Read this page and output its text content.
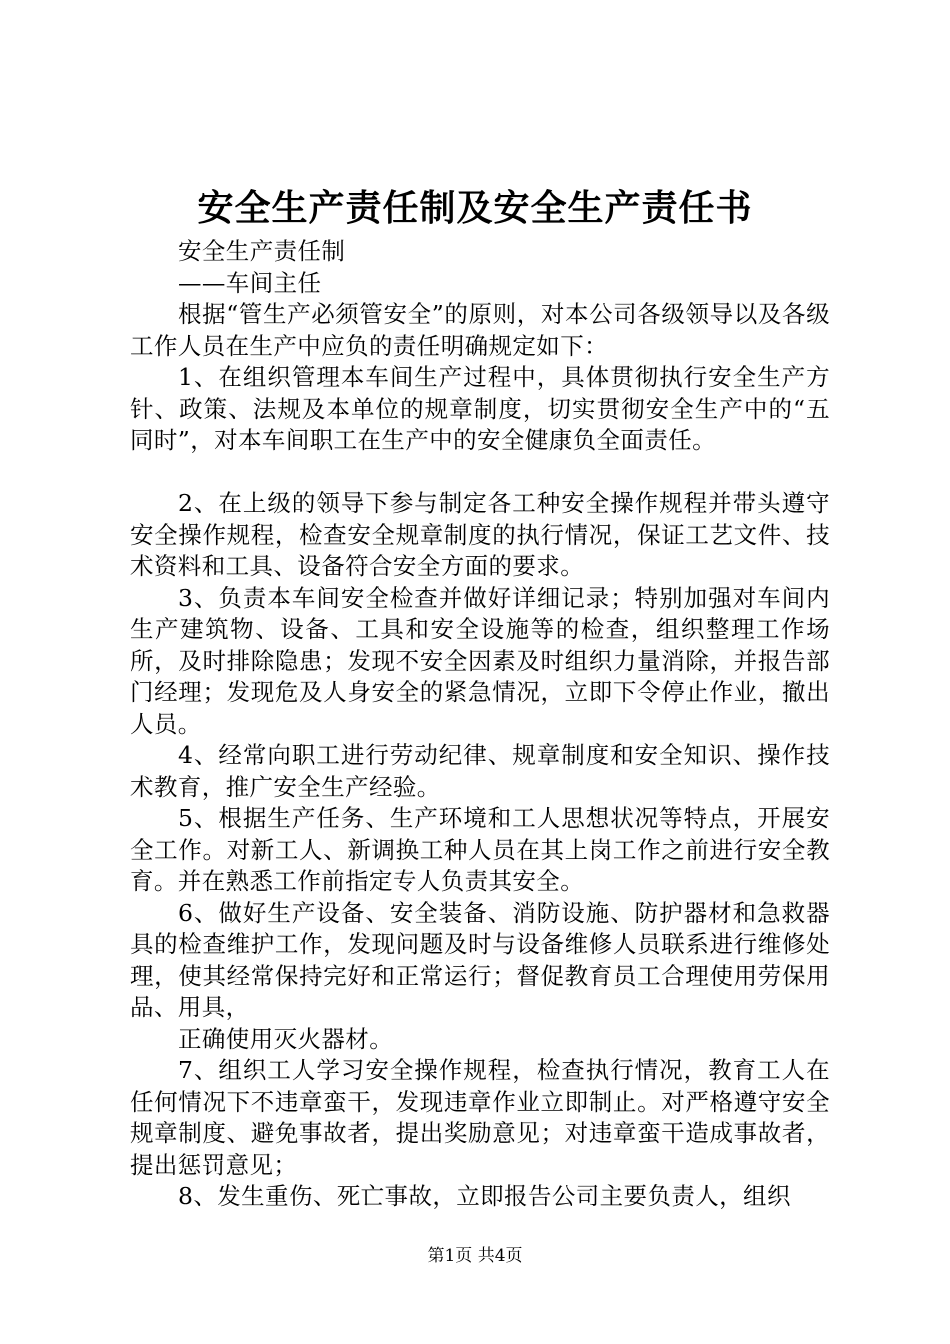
安全生产责任制及安全生产责任书

安全生产责任制

——车间主任

根据“管生产必须管安全”的原则，对本公司各级领导以及各级工作人员在生产中应负的责任明确规定如下：

1、在组织管理本车间生产过程中，具体贯彻执行安全生产方针、政策、法规及本单位的规章制度，切实贯彻安全生产中的“五同时”，对本车间职工在生产中的安全健康负全面责任。

2、在上级的领导下参与制定各工种安全操作规程并带头遵守安全操作规程，检查安全规章制度的执行情况，保证工艺文件、技术资料和工具、设备符合安全方面的要求。

3、负责本车间安全检查并做好详细记录；特别加强对车间内生产建筑物、设备、工具和安全设施等的检查，组织整理工作场所，及时排除隐患；发现不安全因素及时组织力量消除，并报告部门经理；发现危及人身安全的紧急情况，立即下令停止作业，撤出人员。

4、经常向职工进行劳动纪律、规章制度和安全知识、操作技术教育，推广安全生产经验。

5、根据生产任务、生产环境和工人思想状况等特点，开展安全工作。对新工人、新调换工种人员在其上岗工作之前进行安全教育。并在熟悉工作前指定专人负责其安全。

6、做好生产设备、安全装备、消防设施、防护器材和急救器具的检查维护工作，发现问题及时与设备维修人员联系进行维修处理，使其经常保持完好和正常运行；督促教育员工合理使用劳保用品、用具，

正确使用灭火器材。

7、组织工人学习安全操作规程，检查执行情况，教育工人在任何情况下不违章蛮干，发现违章作业立即制止。对严格遵守安全规章制度、避免事故者，提出奖励意见；对违章蛮干造成事故者，提出惩罚意见；

8、发生重伤、死亡事故，立即报告公司主要负责人，组织

第1页 共4页
